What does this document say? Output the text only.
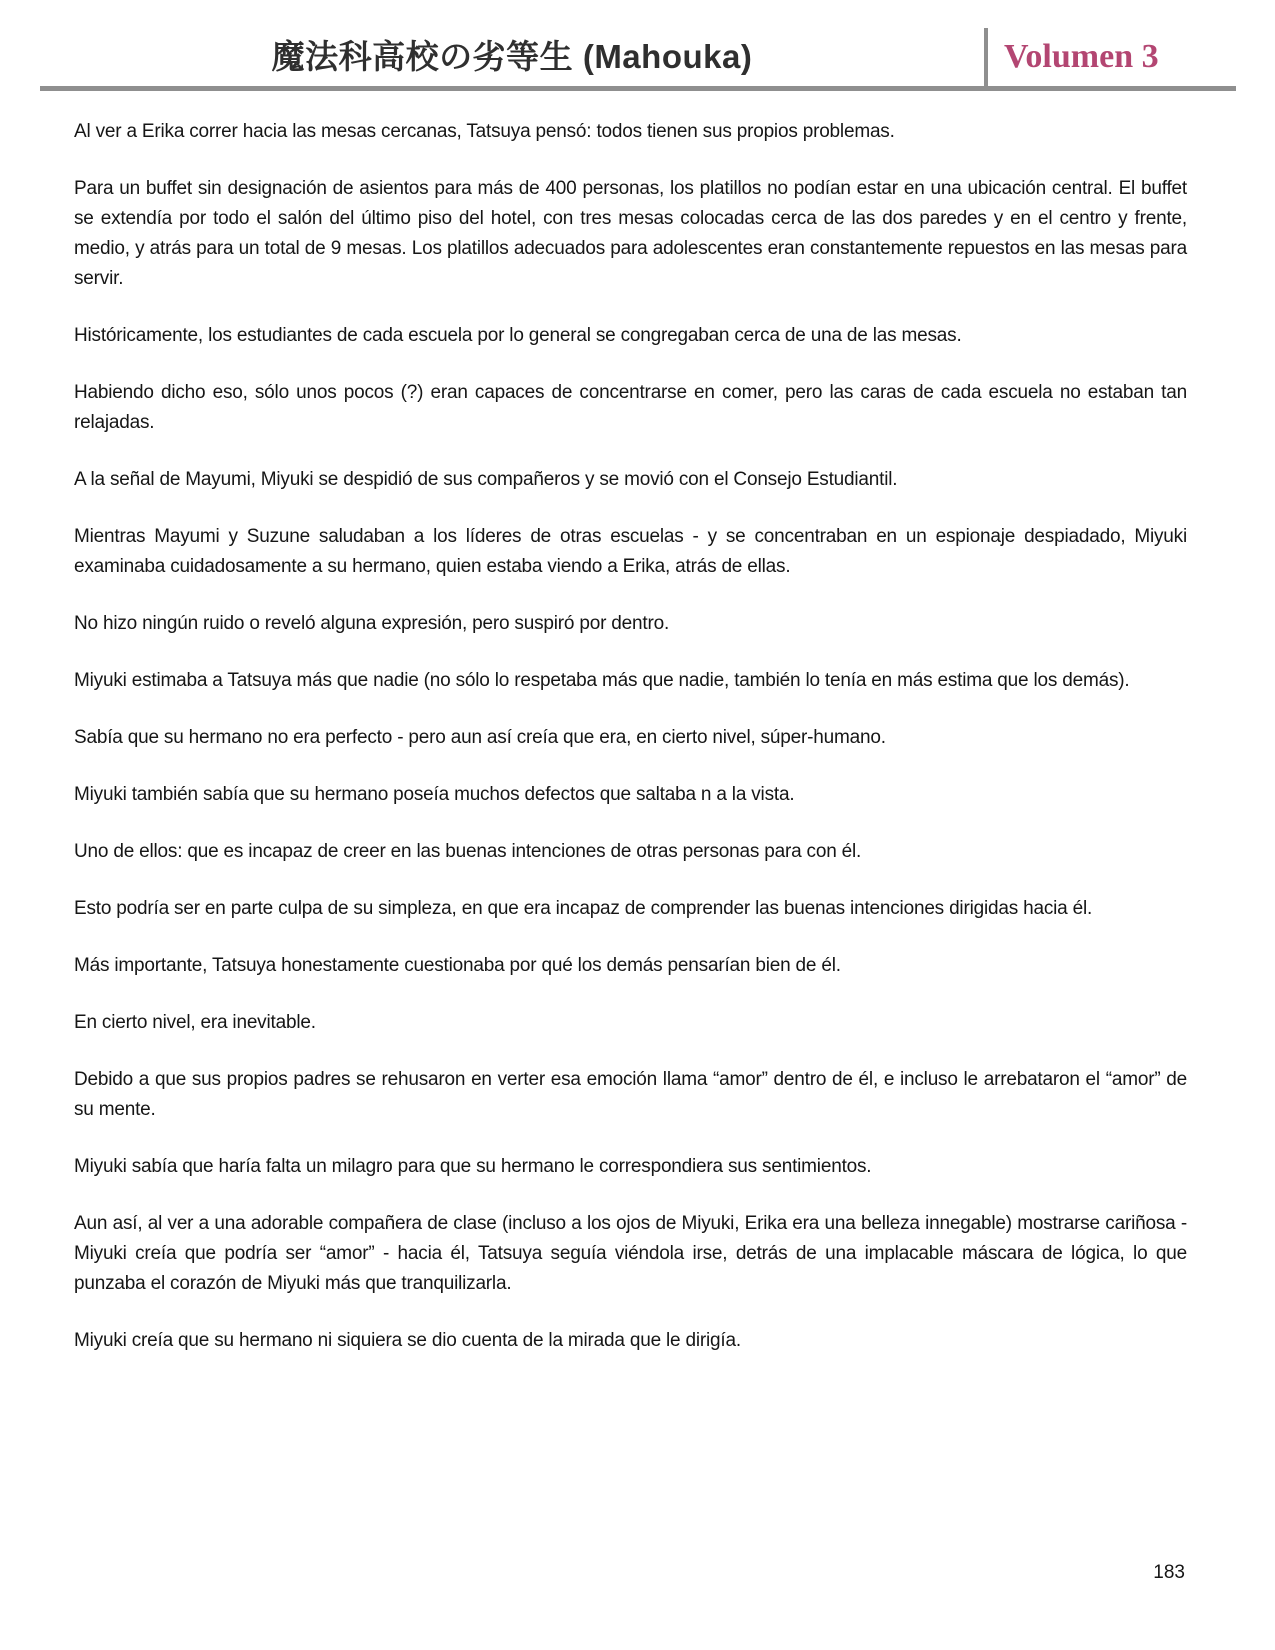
魔法科高校の劣等生 (Mahouka)	Volumen 3

Al ver a Erika correr hacia las mesas cercanas, Tatsuya pensó: todos tienen sus propios problemas.

Para un buffet sin designación de asientos para más de 400 personas, los platillos no podían estar en una ubicación central. El buffet se extendía por todo el salón del último piso del hotel, con tres mesas colocadas cerca de las dos paredes y en el centro y frente, medio, y atrás para un total de 9 mesas. Los platillos adecuados para adolescentes eran constantemente repuestos en las mesas para servir.

Históricamente, los estudiantes de cada escuela por lo general se congregaban cerca de una de las mesas.

Habiendo dicho eso, sólo unos pocos (?) eran capaces de concentrarse en comer, pero las caras de cada escuela no estaban tan relajadas.

A la señal de Mayumi, Miyuki se despidió de sus compañeros y se movió con el Consejo Estudiantil.

Mientras Mayumi y Suzune saludaban a los líderes de otras escuelas - y se concentraban en un espionaje despiadado, Miyuki examinaba cuidadosamente a su hermano, quien estaba viendo a Erika, atrás de ellas.

No hizo ningún ruido o reveló alguna expresión, pero suspiró por dentro.

Miyuki estimaba a Tatsuya más que nadie (no sólo lo respetaba más que nadie, también lo tenía en más estima que los demás).

Sabía que su hermano no era perfecto - pero aun así creía que era, en cierto nivel, súper-humano.

Miyuki también sabía que su hermano poseía muchos defectos que saltaba n a la vista.

Uno de ellos: que es incapaz de creer en las buenas intenciones de otras personas para con él.

Esto podría ser en parte culpa de su simpleza, en que era incapaz de comprender las buenas intenciones dirigidas hacia él.

Más importante, Tatsuya honestamente cuestionaba por qué los demás pensarían bien de él.

En cierto nivel, era inevitable.

Debido a que sus propios padres se rehusaron en verter esa emoción llama “amor” dentro de él, e incluso le arrebataron el “amor” de su mente.

Miyuki sabía que haría falta un milagro para que su hermano le correspondiera sus sentimientos.

Aun así, al ver a una adorable compañera de clase (incluso a los ojos de Miyuki, Erika era una belleza innegable) mostrarse cariñosa - Miyuki creía que podría ser “amor” - hacia él, Tatsuya seguía viéndola irse, detrás de una implacable máscara de lógica, lo que punzaba el corazón de Miyuki más que tranquilizarla.

Miyuki creía que su hermano ni siquiera se dio cuenta de la mirada que le dirigía.

183
